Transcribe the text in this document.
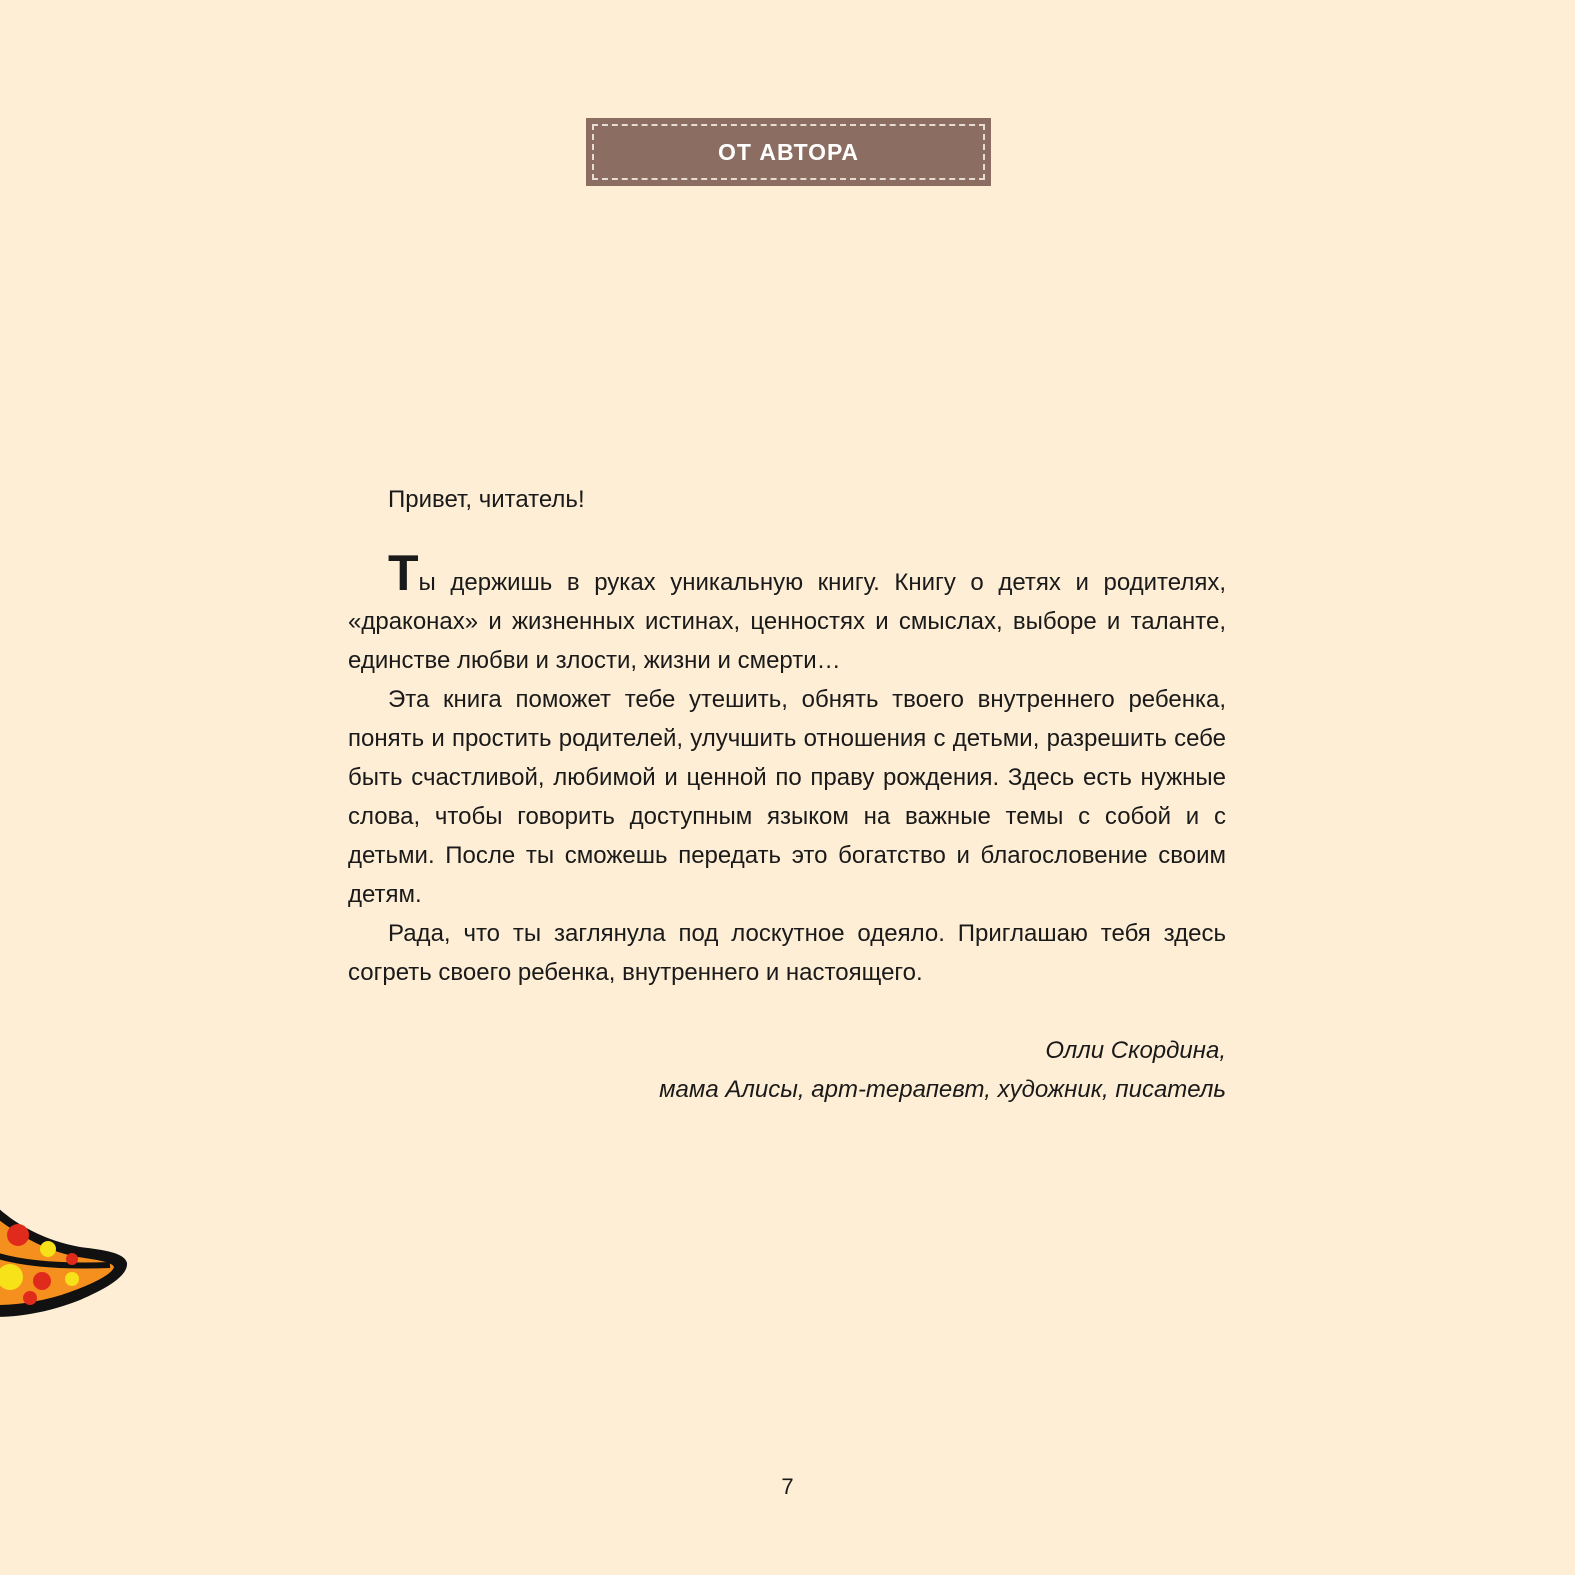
ОТ АВТОРА

Привет, читатель!

Ты держишь в руках уникальную книгу. Книгу о детях и родителях, «драконах» и жизненных истинах, ценностях и смыслах, выборе и таланте, единстве любви и злости, жизни и смерти…

Эта книга поможет тебе утешить, обнять твоего внутреннего ребенка, понять и простить родителей, улучшить отношения с детьми, разрешить себе быть счастливой, любимой и ценной по праву рождения. Здесь есть нужные слова, чтобы говорить доступным языком на важные темы с собой и с детьми. После ты сможешь передать это богатство и благословение своим детям.

Рада, что ты заглянула под лоскутное одеяло. Приглашаю тебя здесь согреть своего ребенка, внутреннего и настоящего.

Олли Скордина,
мама Алисы, арт-терапевт, художник, писатель
7
